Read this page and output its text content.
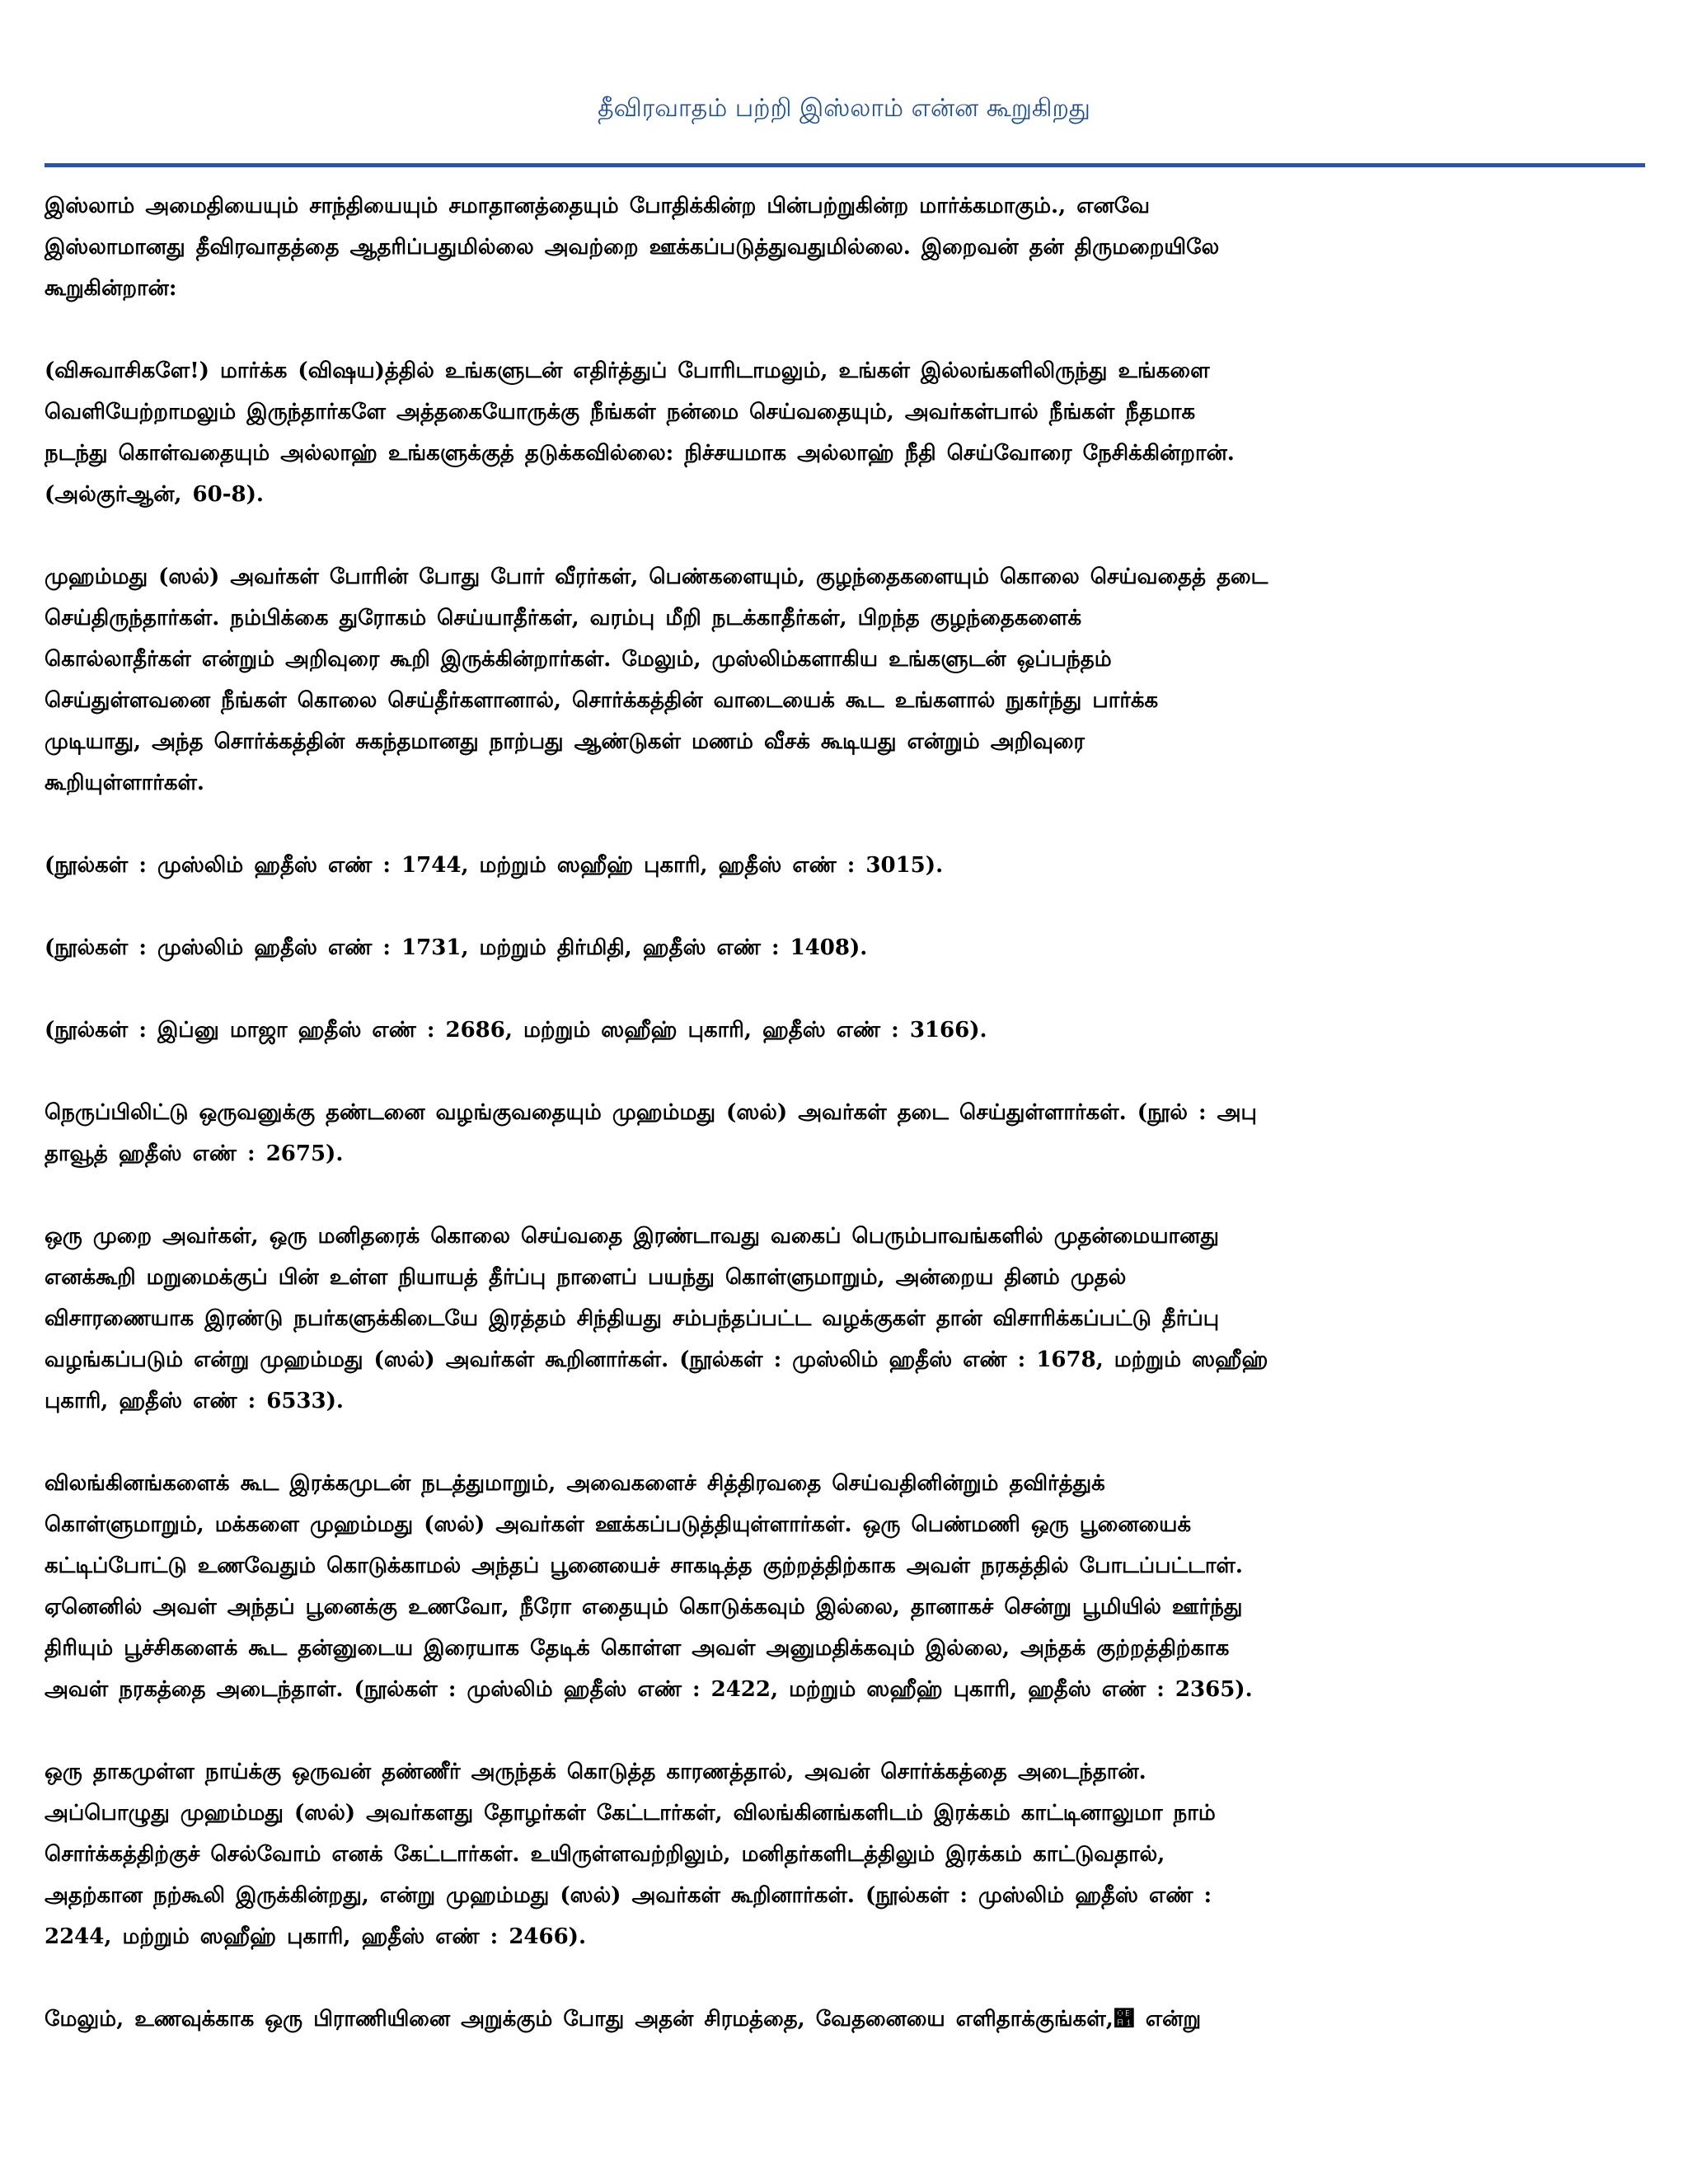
தீவிரவாதம் பற்றி இஸ்லாம் என்ன கூறுகிறது
இஸ்லாம் அமைதியையும் சாந்தியையும் சமாதானத்தையும் போதிக்கின்ற பின்பற்றுகின்ற மார்க்கமாகும்., எனவே
இஸ்லாமானது தீவிரவாதத்தை ஆதரிப்பதுமில்லை அவற்றை ஊக்கப்படுத்துவதுமில்லை. இறைவன் தன் திருமறையிலே
கூறுகின்றான்:
(விசுவாசிகளே!) மார்க்க (விஷய)த்தில் உங்களுடன் எதிர்த்துப் போரிடாமலும், உங்கள் இல்லங்களிலிருந்து உங்களை
வெளியேற்றாமலும் இருந்தார்களே அத்தகையோருக்கு நீங்கள் நன்மை செய்வதையும், அவர்கள்பால் நீங்கள் நீதமாக
நடந்து கொள்வதையும் அல்லாஹ் உங்களுக்குத் தடுக்கவில்லை: நிச்சயமாக அல்லாஹ் நீதி செய்வோரை நேசிக்கின்றான்.
(அல்குர்ஆன், 60-8).
முஹம்மது (ஸல்) அவர்கள் போரின் போது போர் வீரர்கள், பெண்களையும், குழந்தைகளையும் கொலை செய்வதைத் தடை
செய்திருந்தார்கள். நம்பிக்கை துரோகம் செய்யாதீர்கள், வரம்பு மீறி நடக்காதீர்கள், பிறந்த குழந்தைகளைக்
கொல்லாதீர்கள் என்றும் அறிவுரை கூறி இருக்கின்றார்கள். மேலும், முஸ்லிம்களாகிய உங்களுடன் ஒப்பந்தம்
செய்துள்ளவனை நீங்கள் கொலை செய்தீர்களானால், சொர்க்கத்தின் வாடையைக் கூட உங்களால் நுகர்ந்து பார்க்க
முடியாது, அந்த சொர்க்கத்தின் சுகந்தமானது நாற்பது ஆண்டுகள் மணம் வீசக் கூடியது என்றும் அறிவுரை
கூறியுள்ளார்கள்.
(நூல்கள் : முஸ்லிம் ஹதீஸ் எண் : 1744, மற்றும் ஸஹீஹ் புகாரி, ஹதீஸ் எண் : 3015).
(நூல்கள் : முஸ்லிம் ஹதீஸ் எண் : 1731, மற்றும் திர்மிதி, ஹதீஸ் எண் : 1408).
(நூல்கள் : இப்னு மாஜா ஹதீஸ் எண் : 2686, மற்றும் ஸஹீஹ் புகாரி, ஹதீஸ் எண் : 3166).
நெருப்பிலிட்டு ஒருவனுக்கு தண்டனை வழங்குவதையும் முஹம்மது (ஸல்) அவர்கள் தடை செய்துள்ளார்கள். (நூல் : அபு
தாவூத் ஹதீஸ் எண் : 2675).
ஒரு முறை அவர்கள், ஒரு மனிதரைக் கொலை செய்வதை இரண்டாவது வகைப் பெரும்பாவங்களில் முதன்மையானது
எனக்கூறி மறுமைக்குப் பின் உள்ள நியாயத் தீர்ப்பு நாளைப் பயந்து கொள்ளுமாறும், அன்றைய தினம் முதல்
விசாரணையாக இரண்டு நபர்களுக்கிடையே இரத்தம் சிந்தியது சம்பந்தப்பட்ட வழக்குகள் தான் விசாரிக்கப்பட்டு தீர்ப்பு
வழங்கப்படும் என்று முஹம்மது (ஸல்) அவர்கள் கூறினார்கள். (நூல்கள் : முஸ்லிம் ஹதீஸ் எண் : 1678, மற்றும் ஸஹீஹ்
புகாரி, ஹதீஸ் எண் : 6533).
விலங்கினங்களைக் கூட இரக்கமுடன் நடத்துமாறும், அவைகளைச் சித்திரவதை செய்வதினின்றும் தவிர்த்துக்
கொள்ளுமாறும், மக்களை முஹம்மது (ஸல்) அவர்கள் ஊக்கப்படுத்தியுள்ளார்கள். ஒரு பெண்மணி ஒரு பூனையைக்
கட்டிப்போட்டு உணவேதும் கொடுக்காமல் அந்தப் பூனையைச் சாகடித்த குற்றத்திற்காக அவள் நரகத்தில் போடப்பட்டாள்.
ஏனெனில் அவள் அந்தப் பூனைக்கு உணவோ, நீரோ எதையும் கொடுக்கவும் இல்லை, தானாகச் சென்று பூமியில் ஊர்ந்து
திரியும் பூச்சிகளைக் கூட தன்னுடைய இரையாக தேடிக் கொள்ள அவள் அனுமதிக்கவும் இல்லை, அந்தக் குற்றத்திற்காக
அவள் நரகத்தை அடைந்தாள். (நூல்கள் : முஸ்லிம் ஹதீஸ் எண் : 2422, மற்றும் ஸஹீஹ் புகாரி, ஹதீஸ் எண் : 2365).
ஒரு தாகமுள்ள நாய்க்கு ஒருவன் தண்ணீர் அருந்தக் கொடுத்த காரணத்தால், அவன் சொர்க்கத்தை அடைந்தான்.
அப்பொழுது முஹம்மது (ஸல்) அவர்களது தோழர்கள் கேட்டார்கள், விலங்கினங்களிடம் இரக்கம் காட்டினாலுமா நாம்
சொர்க்கத்திற்குச் செல்வோம் எனக் கேட்டார்கள். உயிருள்ளவற்றிலும், மனிதர்களிடத்திலும் இரக்கம் காட்டுவதால்,
அதற்கான நற்கூலி இருக்கின்றது, என்று முஹம்மது (ஸல்) அவர்கள் கூறினார்கள். (நூல்கள் : முஸ்லிம் ஹதீஸ் எண் :
2244, மற்றும் ஸஹீஹ் புகாரி, ஹதீஸ் எண் : 2466).
மேலும், உணவுக்காக ஒரு பிராணியினை அறுக்கும் போது அதன் சிரமத்தை, வேதனையை எளிதாக்குங்கள்,஡ என்று
